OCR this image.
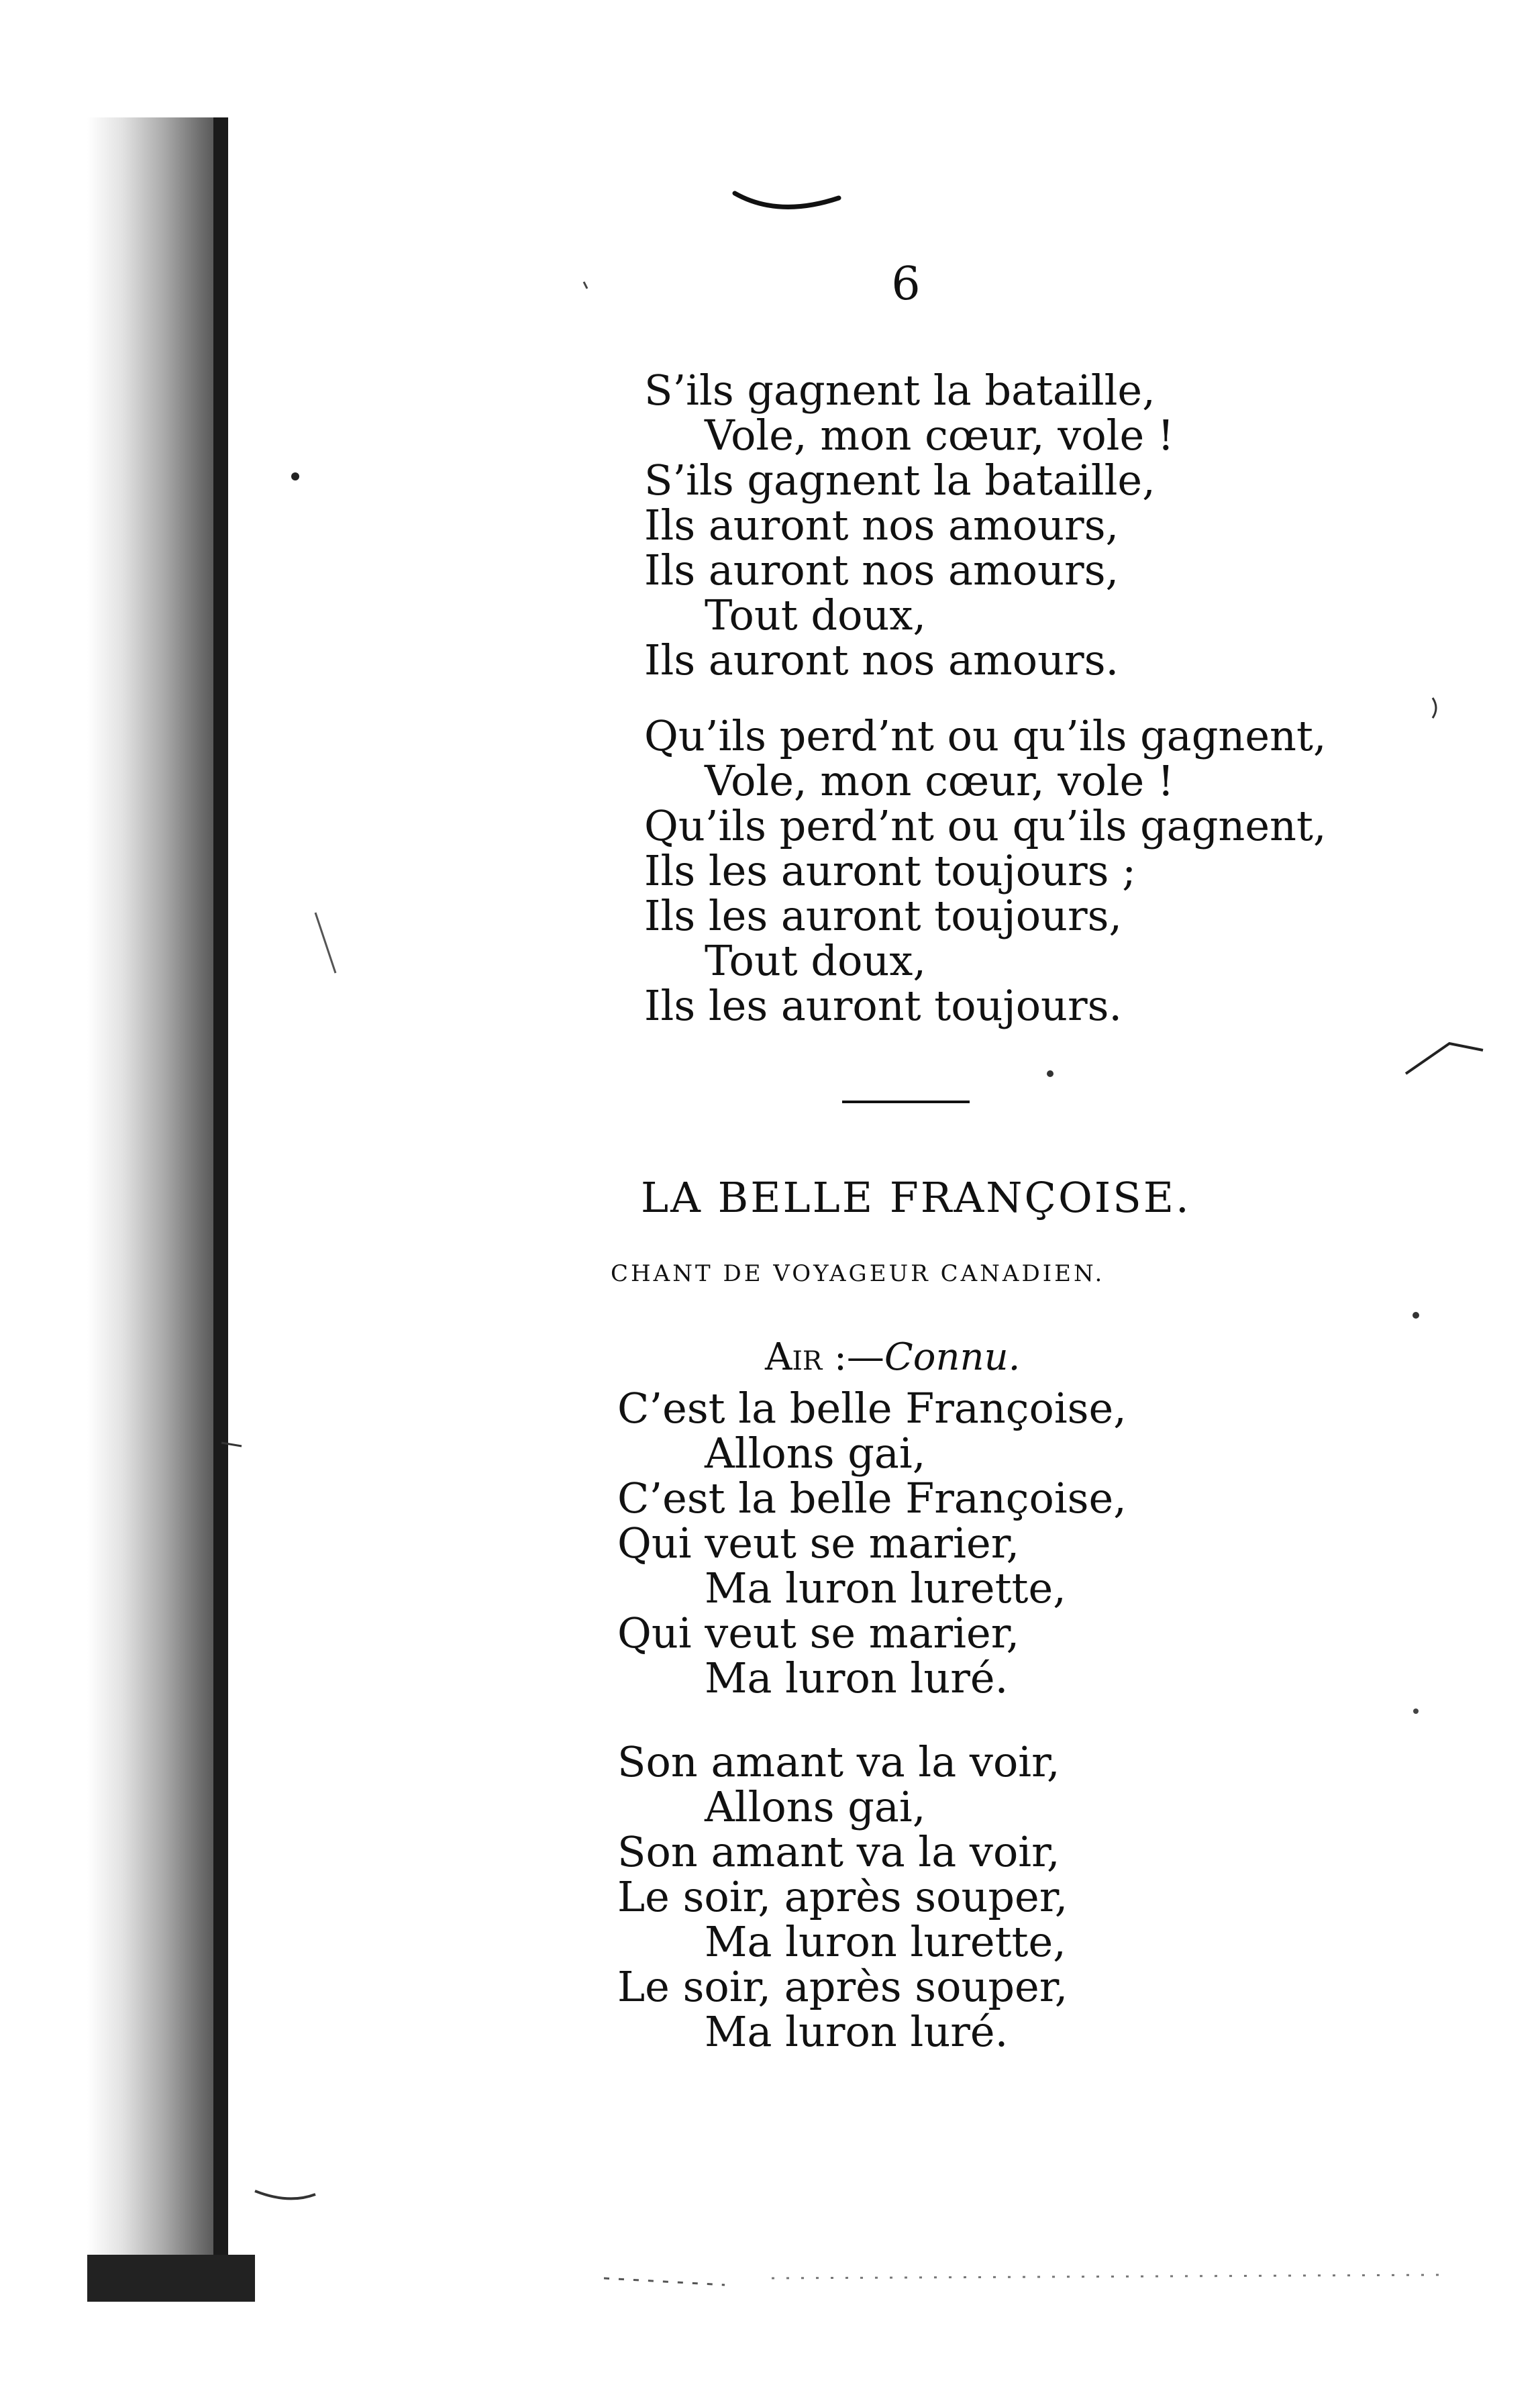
6
S’ils gagnent la bataille,
Vole, mon cœur, vole !
S’ils gagnent la bataille,
Ils auront nos amours,
Ils auront nos amours,
Tout doux,
Ils auront nos amours.
Qu’ils perd’nt ou qu’ils gagnent,
Vole, mon cœur, vole !
Qu’ils perd’nt ou qu’ils gagnent,
Ils les auront toujours ;
Ils les auront toujours,
Tout doux,
Ils les auront toujours.
LA BELLE FRANÇOISE.
CHANT DE VOYAGEUR CANADIEN.
Air :—Connu.
C’est la belle Françoise,
Allons gai,
C’est la belle Françoise,
Qui veut se marier,
Ma luron lurette,
Qui veut se marier,
Ma luron luré.
Son amant va la voir,
Allons gai,
Son amant va la voir,
Le soir, après souper,
Ma luron lurette,
Le soir, après souper,
Ma luron luré.
